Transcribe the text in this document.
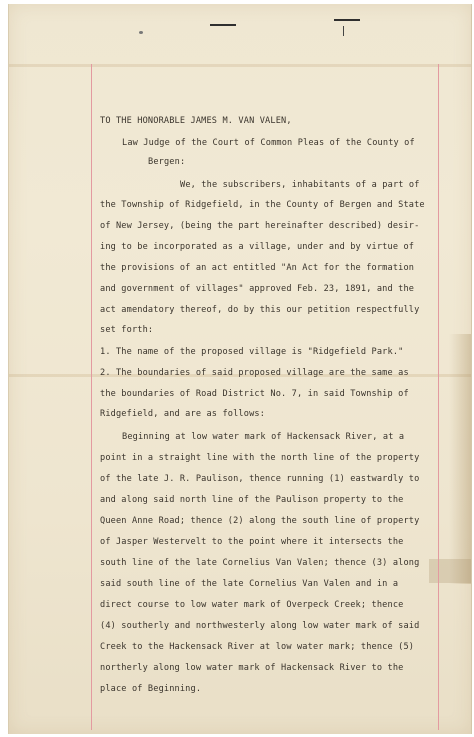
TO THE HONORABLE JAMES M. VAN VALEN,
Law Judge of the Court of Common Pleas of the County of
Bergen:
We, the subscribers, inhabitants of a part of
the Township of Ridgefield, in the County of Bergen and State
of New Jersey, (being the part hereinafter described) desir-
ing to be incorporated as a village, under and by virtue of
the provisions of an act entitled "An Act for the formation
and government of villages" approved Feb. 23, 1891, and the
act amendatory thereof, do by this our petition respectfully
set forth:
1. The name of the proposed village is "Ridgefield Park."
2. The boundaries of said proposed village are the same as
the boundaries of Road District No. 7, in said Township of
Ridgefield, and are as follows:
Beginning at low water mark of Hackensack River, at a
point in a straight line with the north line of the property
of the late J. R. Paulison, thence running (1) eastwardly to
and along said north line of the Paulison property to the
Queen Anne Road; thence (2) along the south line of property
of Jasper Westervelt to the point where it intersects the
south line of the late Cornelius Van Valen; thence (3) along
said south line of the late Cornelius Van Valen and in a
direct course to low water mark of Overpeck Creek; thence
(4) southerly and northwesterly along low water mark of said
Creek to the Hackensack River at low water mark; thence (5)
northerly along low water mark of Hackensack River to the
place of Beginning.
